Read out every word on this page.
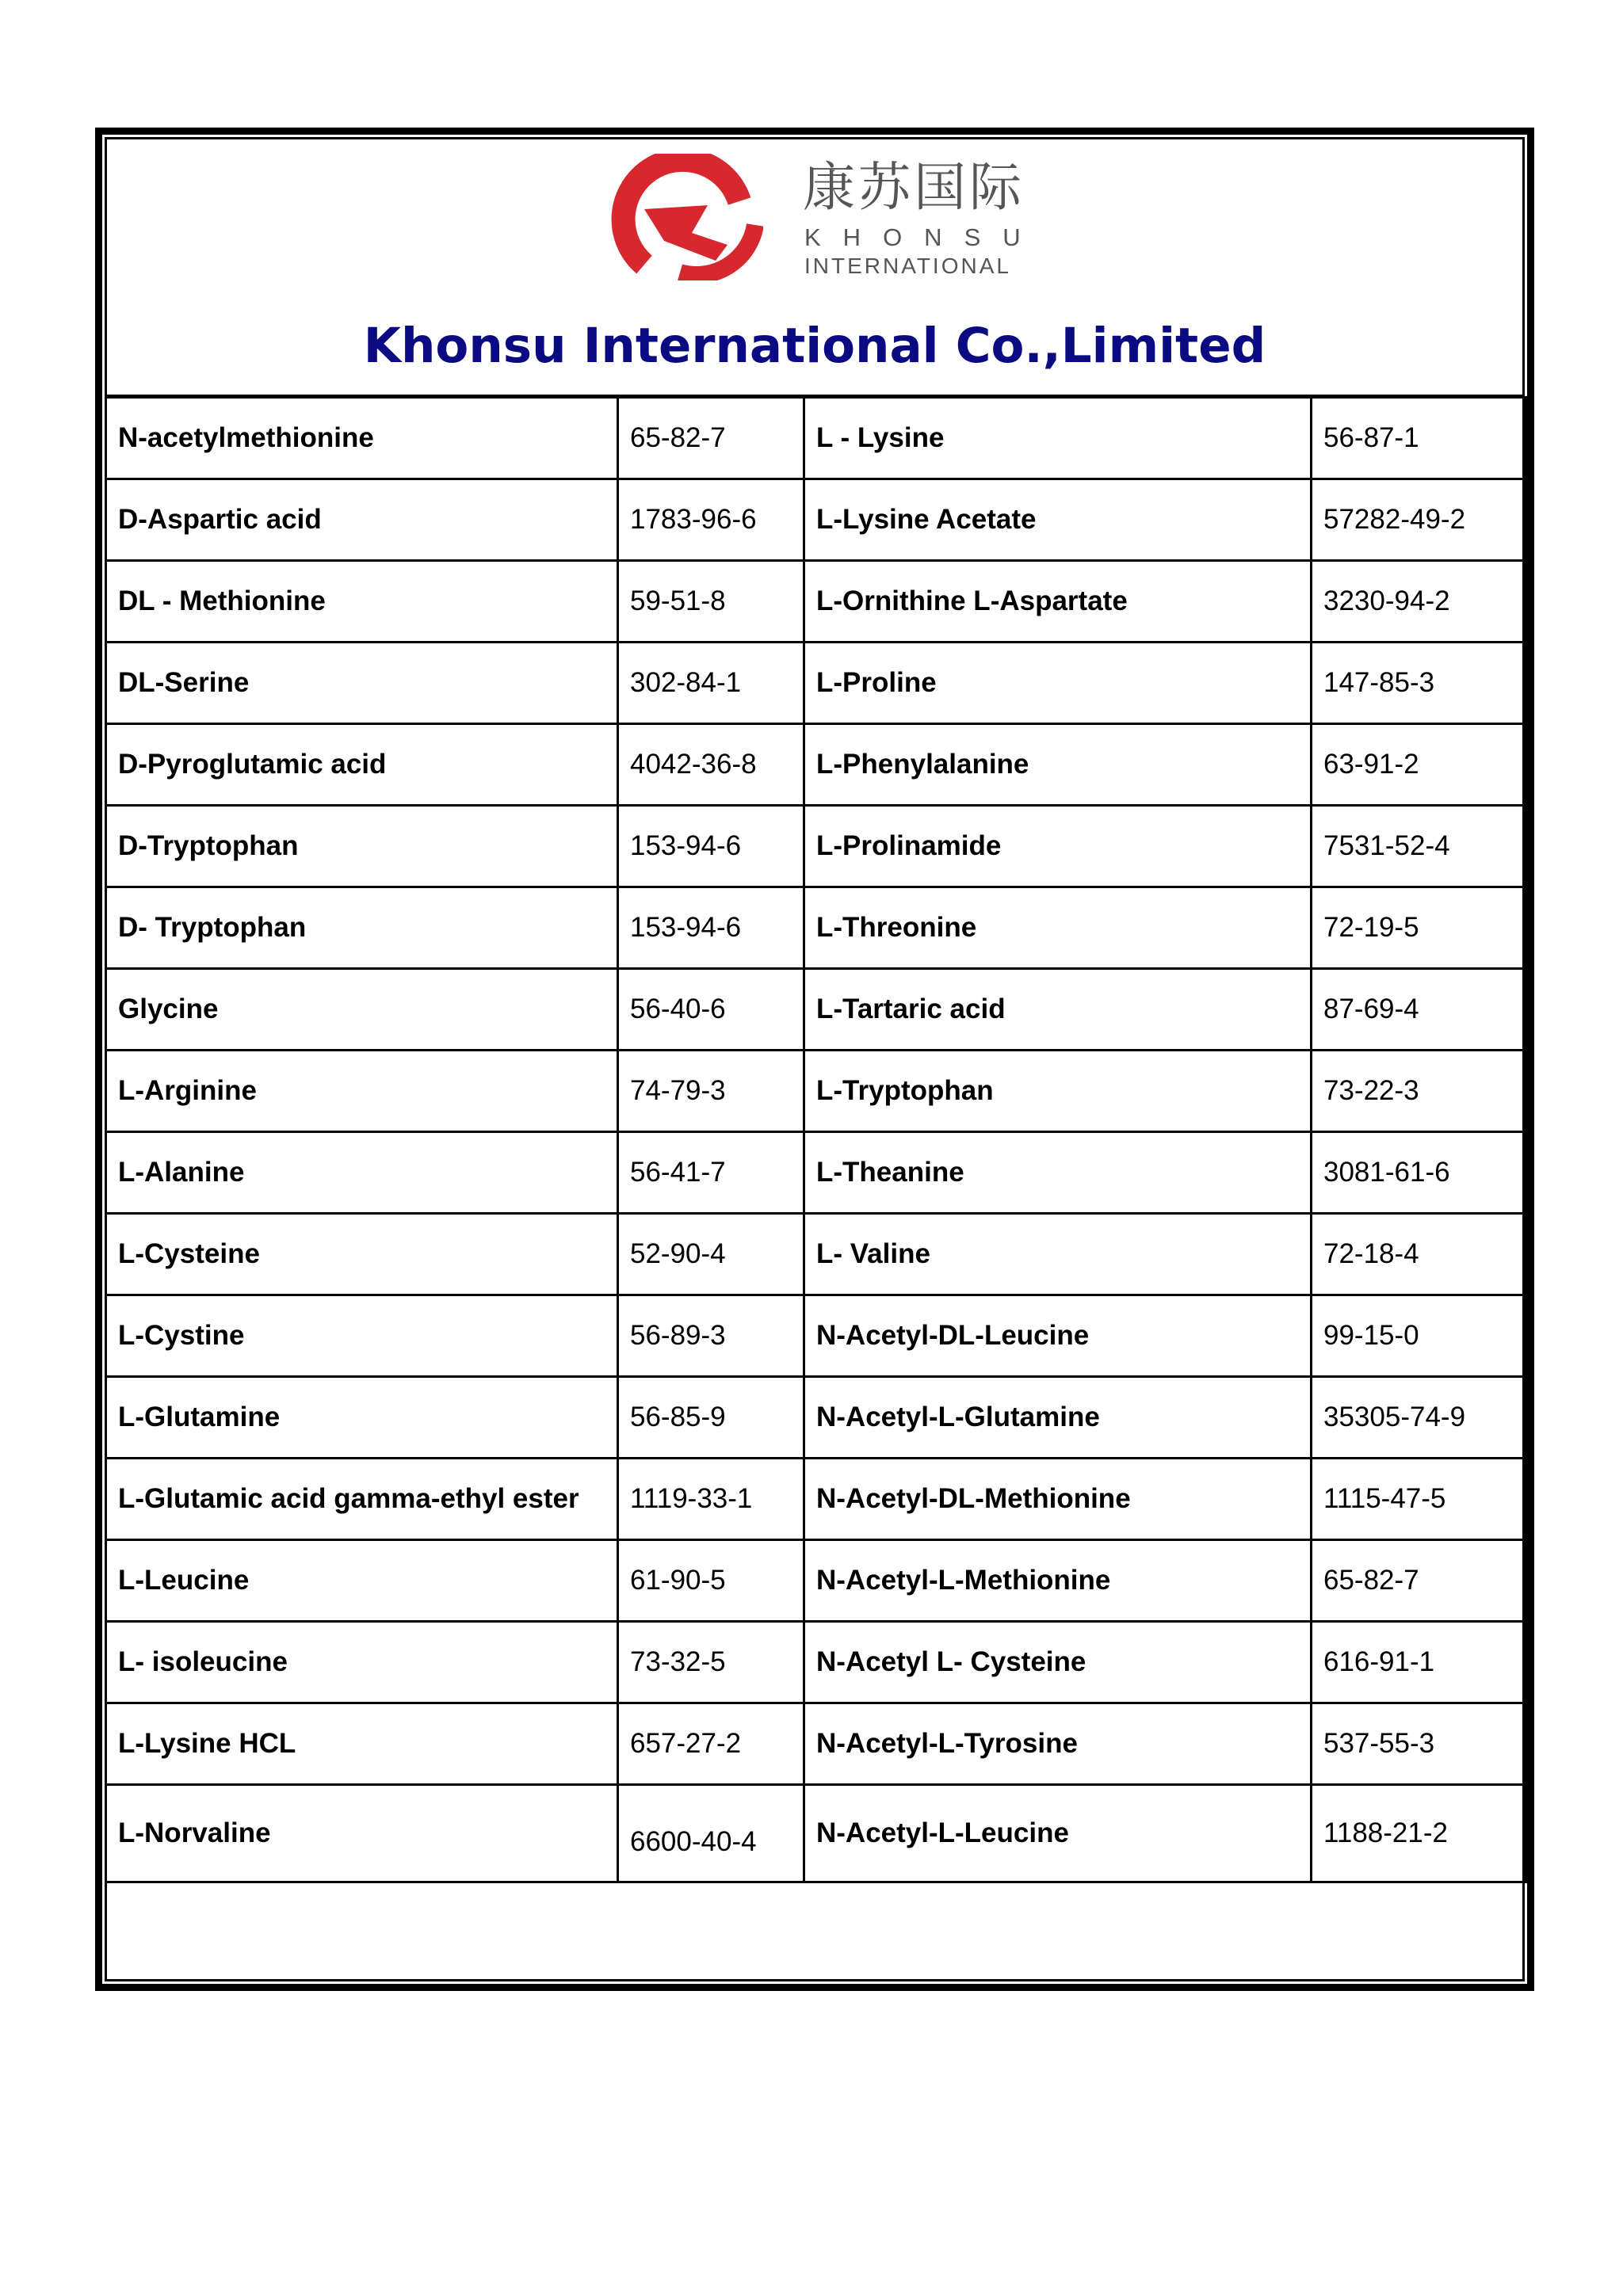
康苏国际
KHONSU
INTERNATIONAL
Khonsu International Co.,Limited
N-acetylmethionine	65-82-7	L - Lysine	56-87-1
D-Aspartic acid	1783-96-6	L-Lysine Acetate	57282-49-2
DL - Methionine	59-51-8	L-Ornithine L-Aspartate	3230-94-2
DL-Serine	302-84-1	L-Proline	147-85-3
D-Pyroglutamic acid	4042-36-8	L-Phenylalanine	63-91-2
D-Tryptophan	153-94-6	L-Prolinamide	7531-52-4
D- Tryptophan	153-94-6	L-Threonine	72-19-5
Glycine	56-40-6	L-Tartaric acid	87-69-4
L-Arginine	74-79-3	L-Tryptophan	73-22-3
L-Alanine	56-41-7	L-Theanine	3081-61-6
L-Cysteine	52-90-4	L- Valine	72-18-4
L-Cystine	56-89-3	N-Acetyl-DL-Leucine	99-15-0
L-Glutamine	56-85-9	N-Acetyl-L-Glutamine	35305-74-9
L-Glutamic acid gamma-ethyl ester	1119-33-1	N-Acetyl-DL-Methionine	1115-47-5
L-Leucine	61-90-5	N-Acetyl-L-Methionine	65-82-7
L- isoleucine	73-32-5	N-Acetyl L- Cysteine	616-91-1
L-Lysine HCL	657-27-2	N-Acetyl-L-Tyrosine	537-55-3
L-Norvaline	6600-40-4	N-Acetyl-L-Leucine	1188-21-2
